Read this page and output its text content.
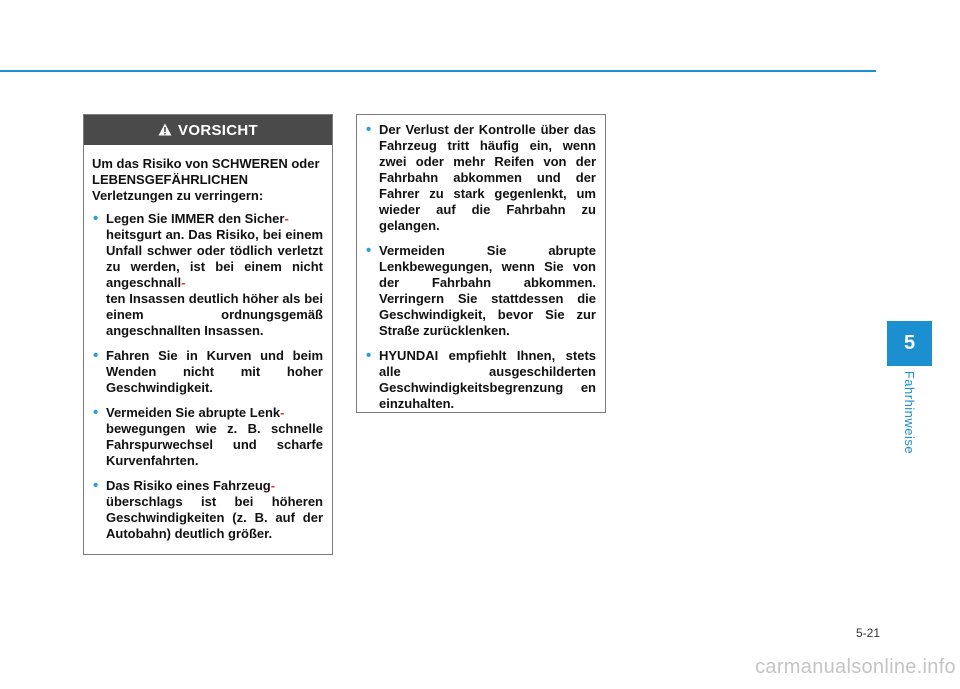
VORSICHT

Um das Risiko von SCHWEREN oder LEBENSGEFÄHRLICHEN Verletzungen zu verringern:

• Legen Sie IMMER den Sicher-
heitsgurt an. Das Risiko, bei einem Unfall schwer oder tödlich verletzt zu werden, ist bei einem nicht angeschnall-
ten Insassen deutlich höher als bei einem ordnungsgemäß angeschnallten Insassen.
• Fahren Sie in Kurven und beim Wenden nicht mit hoher Geschwindigkeit.
• Vermeiden Sie abrupte Lenk-
bewegungen wie z. B. schnelle Fahrspurwechsel und scharfe Kurvenfahrten.
• Das Risiko eines Fahrzeug-
überschlags ist bei höheren Geschwindigkeiten (z. B. auf der Autobahn) deutlich größer.
• Der Verlust der Kontrolle über das Fahrzeug tritt häufig ein, wenn zwei oder mehr Reifen von der Fahrbahn abkommen und der Fahrer zu stark gegenlenkt, um wieder auf die Fahrbahn zu gelangen.
• Vermeiden Sie abrupte Lenkbewegungen, wenn Sie von der Fahrbahn abkommen. Verringern Sie stattdessen die Geschwindigkeit, bevor Sie zur Straße zurücklenken.
• HYUNDAI empfiehlt Ihnen, stets alle ausgeschilderten Geschwindigkeitsbegrenzung en einzuhalten.
5
Fahrhinweise
5-21
carmanualsonline.info
